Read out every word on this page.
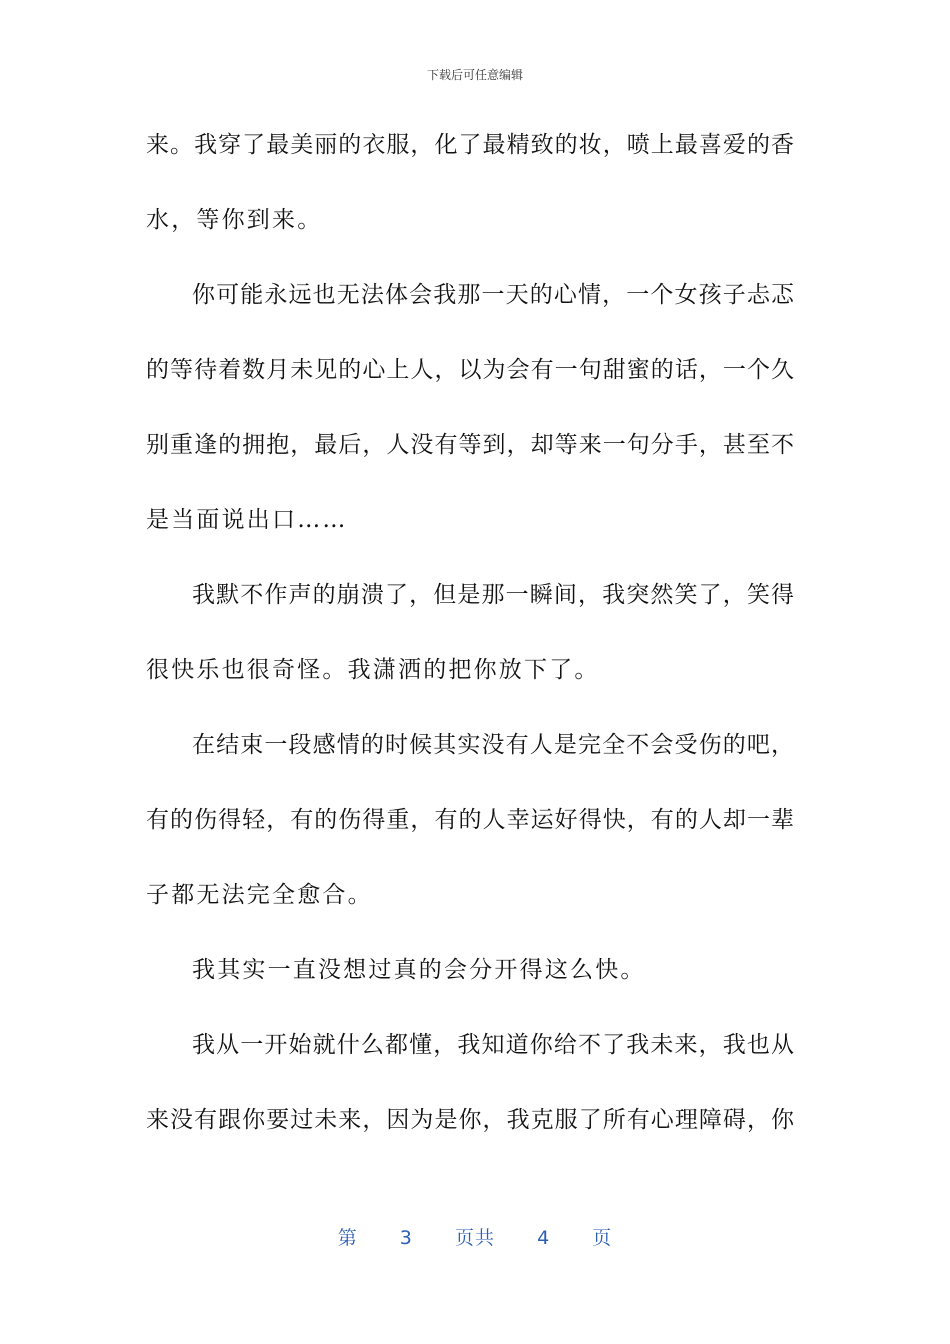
下载后可任意编辑
来。我穿了最美丽的衣服，化了最精致的妆，喷上最喜爱的香
水，等你到来。
你可能永远也无法体会我那一天的心情，一个女孩子忐忑
的等待着数月未见的心上人，以为会有一句甜蜜的话，一个久
别重逢的拥抱，最后，人没有等到，却等来一句分手，甚至不
是当面说出口……
我默不作声的崩溃了，但是那一瞬间，我突然笑了，笑得
很快乐也很奇怪。我潇洒的把你放下了。
在结束一段感情的时候其实没有人是完全不会受伤的吧，
有的伤得轻，有的伤得重，有的人幸运好得快，有的人却一辈
子都无法完全愈合。
我其实一直没想过真的会分开得这么快。
我从一开始就什么都懂，我知道你给不了我未来，我也从
来没有跟你要过未来，因为是你，我克服了所有心理障碍，你
第 3 页共 4 页
